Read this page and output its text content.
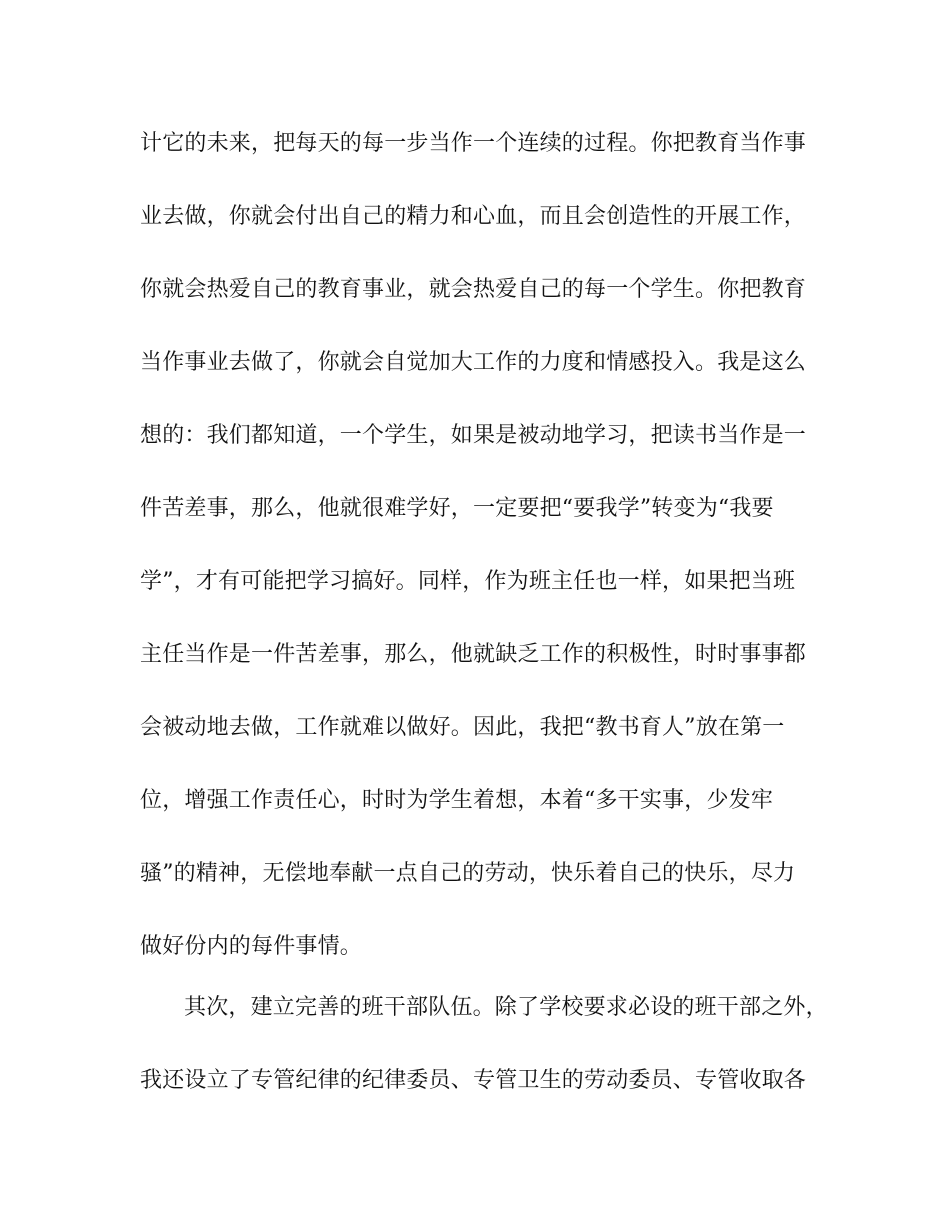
计它的未来，把每天的每一步当作一个连续的过程。你把教育当作事
业去做，你就会付出自己的精力和心血，而且会创造性的开展工作，
你就会热爱自己的教育事业，就会热爱自己的每一个学生。你把教育
当作事业去做了，你就会自觉加大工作的力度和情感投入。我是这么
想的：我们都知道，一个学生，如果是被动地学习，把读书当作是一
件苦差事，那么，他就很难学好，一定要把“要我学”转变为“我要
学”，才有可能把学习搞好。同样，作为班主任也一样，如果把当班
主任当作是一件苦差事，那么，他就缺乏工作的积极性，时时事事都
会被动地去做，工作就难以做好。因此，我把“教书育人”放在第一
位，增强工作责任心，时时为学生着想，本着“多干实事，少发牢
骚”的精神，无偿地奉献一点自己的劳动，快乐着自己的快乐，尽力
做好份内的每件事情。
其次，建立完善的班干部队伍。除了学校要求必设的班干部之外，
我还设立了专管纪律的纪律委员、专管卫生的劳动委员、专管收取各
